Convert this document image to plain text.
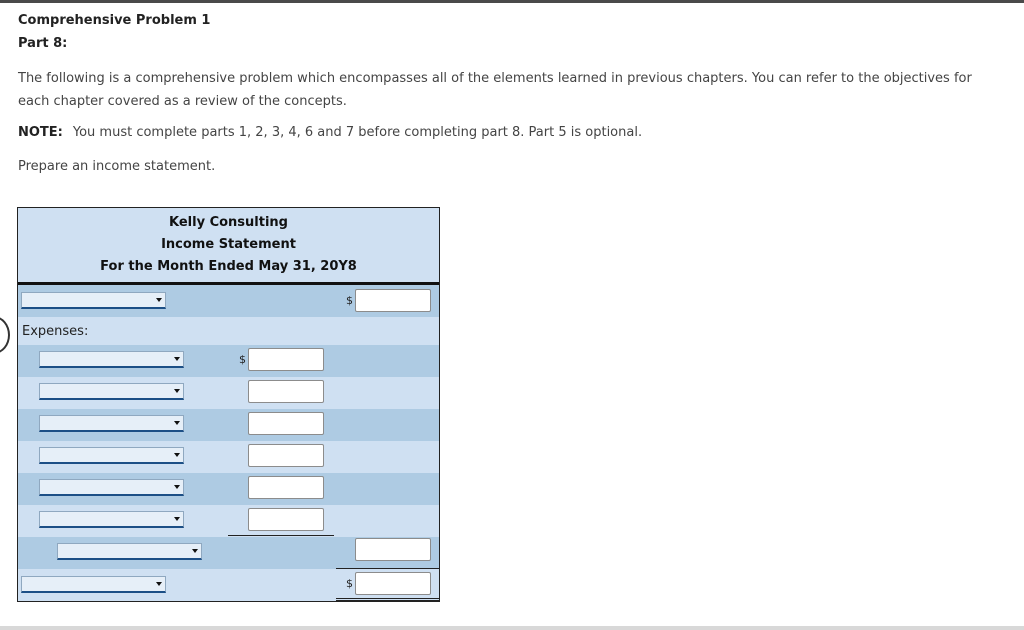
Comprehensive Problem 1
Part 8:
The following is a comprehensive problem which encompasses all of the elements learned in previous chapters. You can refer to the objectives for each chapter covered as a review of the concepts.
NOTE: You must complete parts 1, 2, 3, 4, 6 and 7 before completing part 8. Part 5 is optional.
Prepare an income statement.
Kelly Consulting
Income Statement
For the Month Ended May 31, 20Y8
$
Expenses:
$
$
